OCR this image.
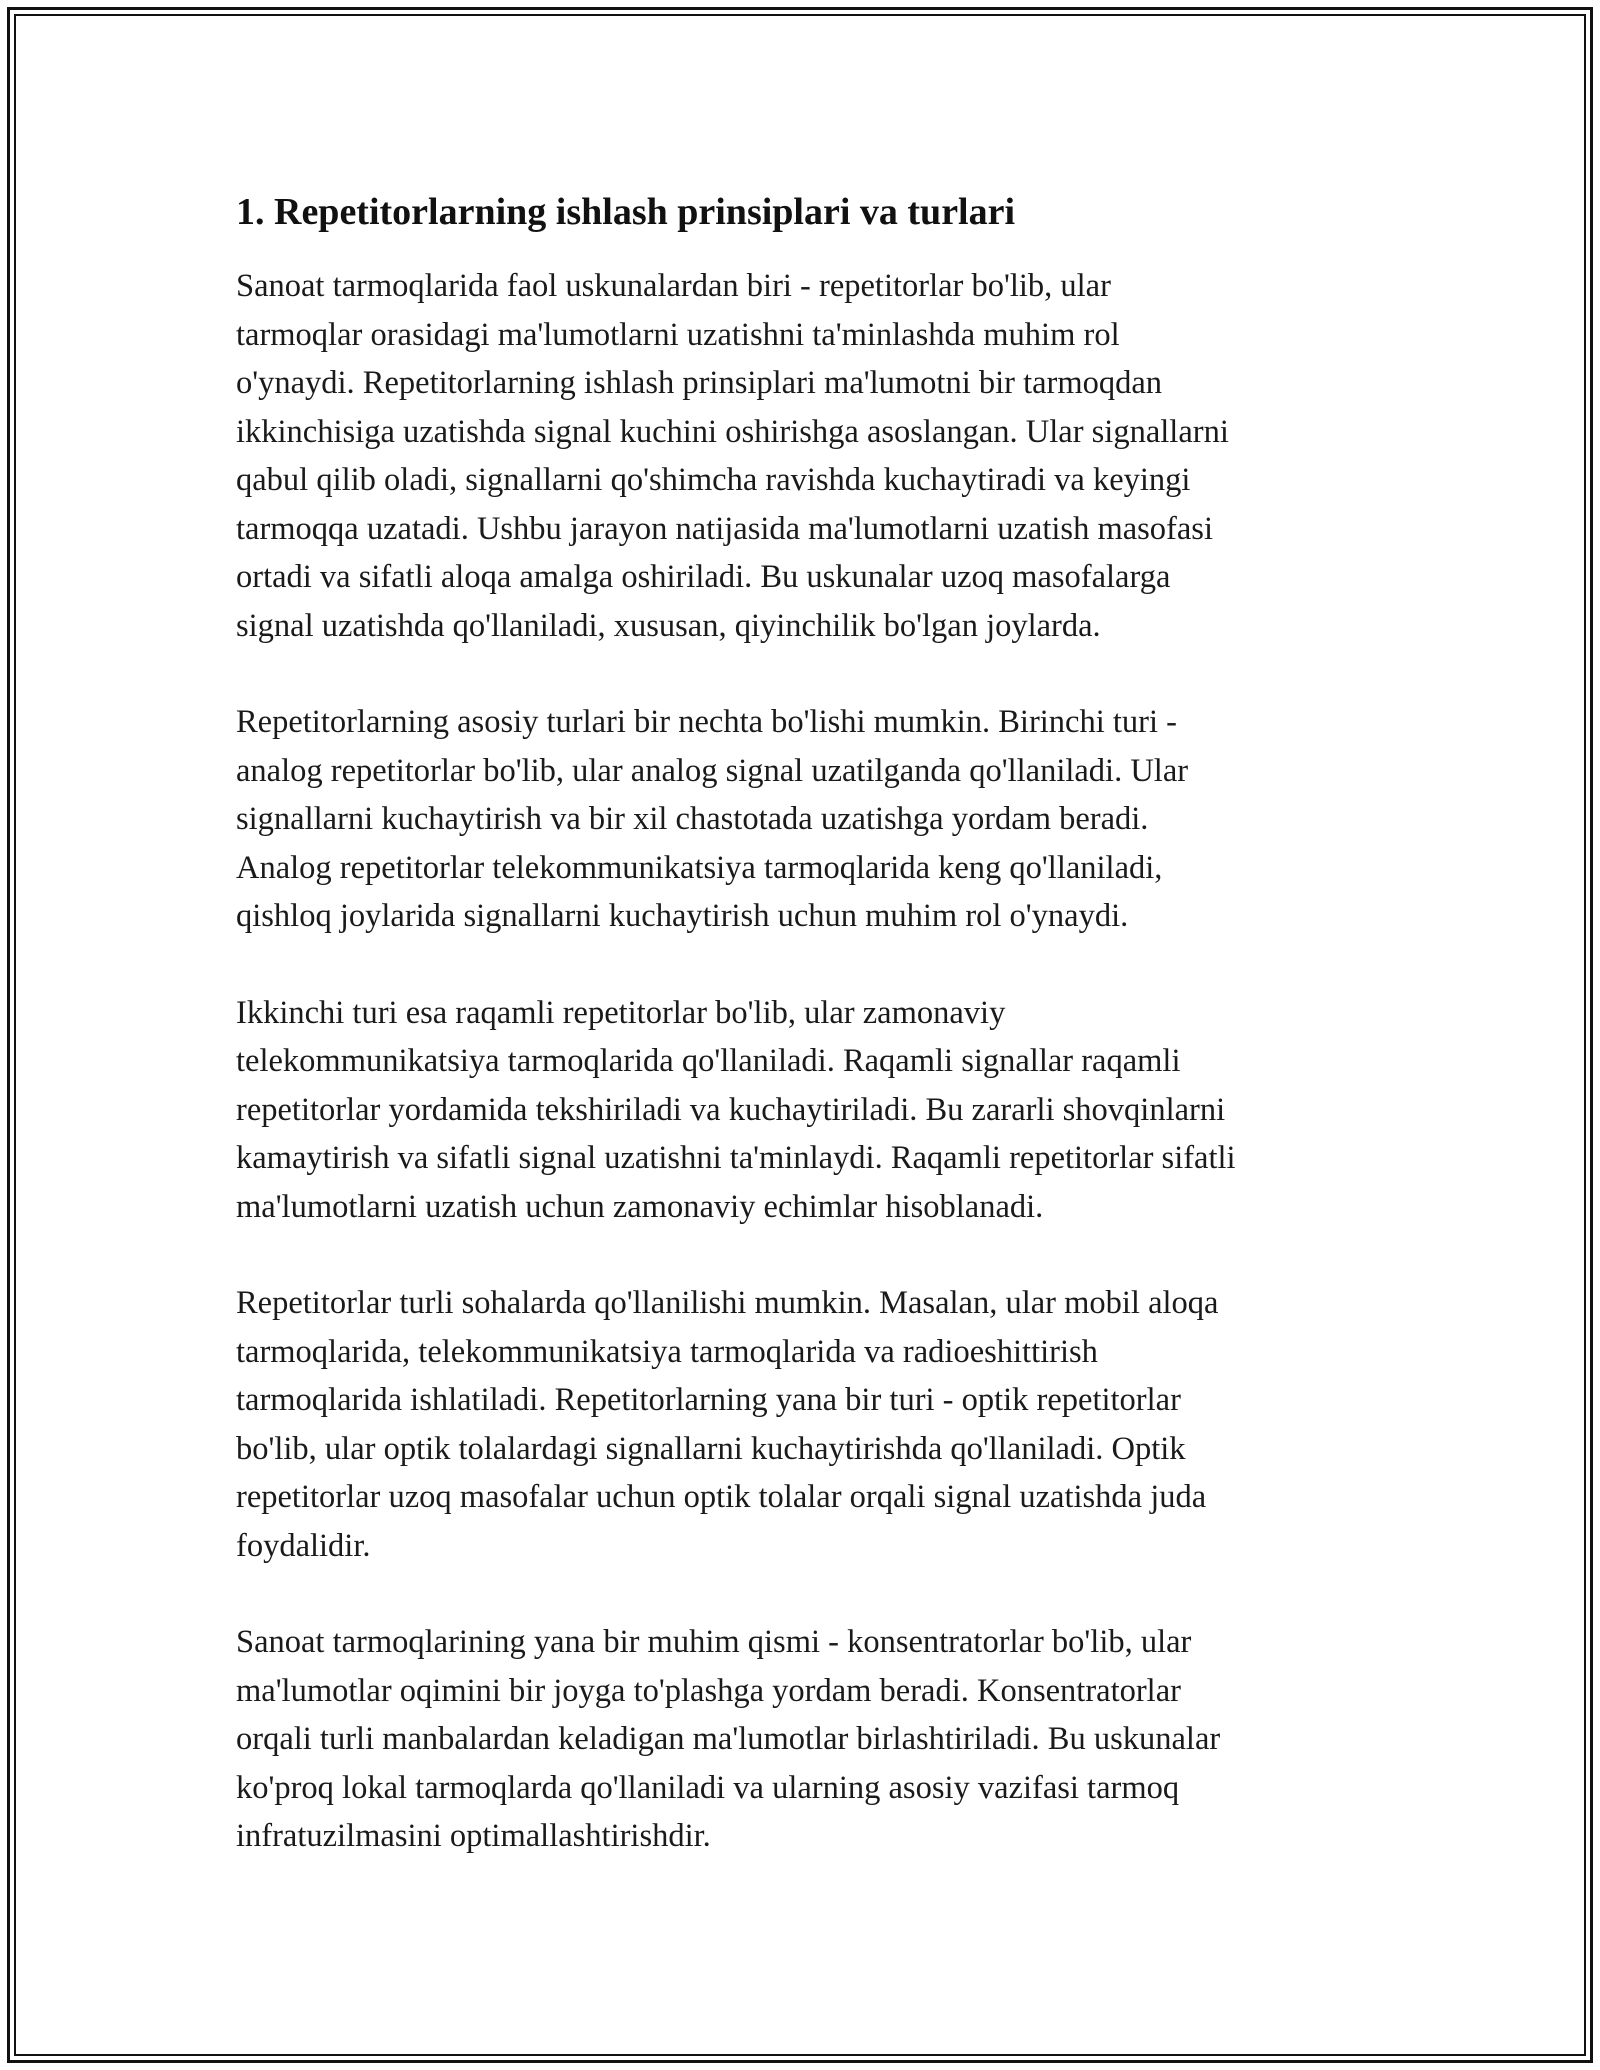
1. Repetitorlarning ishlash prinsiplari va turlari

Sanoat tarmoqlarida faol uskunalardan biri - repetitorlar bo'lib, ular
tarmoqlar orasidagi ma'lumotlarni uzatishni ta'minlashda muhim rol
o'ynaydi. Repetitorlarning ishlash prinsiplari ma'lumotni bir tarmoqdan
ikkinchisiga uzatishda signal kuchini oshirishga asoslangan. Ular signallarni
qabul qilib oladi, signallarni qo'shimcha ravishda kuchaytiradi va keyingi
tarmoqqa uzatadi. Ushbu jarayon natijasida ma'lumotlarni uzatish masofasi
ortadi va sifatli aloqa amalga oshiriladi. Bu uskunalar uzoq masofalarga
signal uzatishda qo'llaniladi, xususan, qiyinchilik bo'lgan joylarda.

Repetitorlarning asosiy turlari bir nechta bo'lishi mumkin. Birinchi turi -
analog repetitorlar bo'lib, ular analog signal uzatilganda qo'llaniladi. Ular
signallarni kuchaytirish va bir xil chastotada uzatishga yordam beradi.
Analog repetitorlar telekommunikatsiya tarmoqlarida keng qo'llaniladi,
qishloq joylarida signallarni kuchaytirish uchun muhim rol o'ynaydi.

Ikkinchi turi esa raqamli repetitorlar bo'lib, ular zamonaviy
telekommunikatsiya tarmoqlarida qo'llaniladi. Raqamli signallar raqamli
repetitorlar yordamida tekshiriladi va kuchaytiriladi. Bu zararli shovqinlarni
kamaytirish va sifatli signal uzatishni ta'minlaydi. Raqamli repetitorlar sifatli
ma'lumotlarni uzatish uchun zamonaviy echimlar hisoblanadi.

Repetitorlar turli sohalarda qo'llanilishi mumkin. Masalan, ular mobil aloqa
tarmoqlarida, telekommunikatsiya tarmoqlarida va radioeshittirish
tarmoqlarida ishlatiladi. Repetitorlarning yana bir turi - optik repetitorlar
bo'lib, ular optik tolalardagi signallarni kuchaytirishda qo'llaniladi. Optik
repetitorlar uzoq masofalar uchun optik tolalar orqali signal uzatishda juda
foydalidir.

Sanoat tarmoqlarining yana bir muhim qismi - konsentratorlar bo'lib, ular
ma'lumotlar oqimini bir joyga to'plashga yordam beradi. Konsentratorlar
orqali turli manbalardan keladigan ma'lumotlar birlashtiriladi. Bu uskunalar
ko'proq lokal tarmoqlarda qo'llaniladi va ularning asosiy vazifasi tarmoq
infratuzilmasini optimallashtirishdir.
